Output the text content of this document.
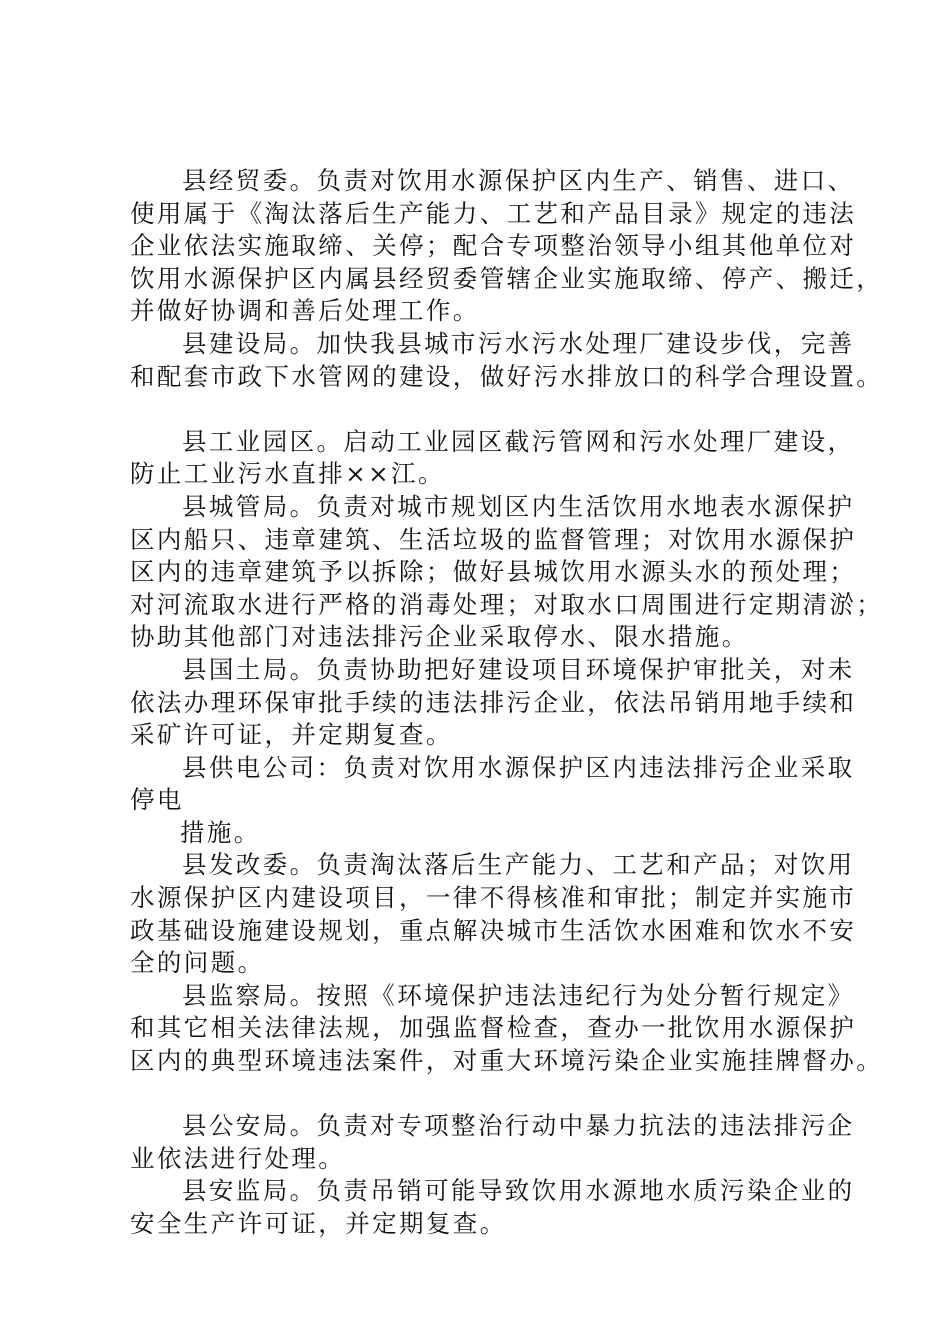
县经贸委。负责对饮用水源保护区内生产、销售、进口、
使用属于《淘汰落后生产能力、工艺和产品目录》规定的违法
企业依法实施取缔、关停；配合专项整治领导小组其他单位对
饮用水源保护区内属县经贸委管辖企业实施取缔、停产、搬迁，
并做好协调和善后处理工作。
县建设局。加快我县城市污水污水处理厂建设步伐，完善
和配套市政下水管网的建设，做好污水排放口的科学合理设置。
县工业园区。启动工业园区截污管网和污水处理厂建设，
防止工业污水直排××江。
县城管局。负责对城市规划区内生活饮用水地表水源保护
区内船只、违章建筑、生活垃圾的监督管理；对饮用水源保护
区内的违章建筑予以拆除；做好县城饮用水源头水的预处理；
对河流取水进行严格的消毒处理；对取水口周围进行定期清淤；
协助其他部门对违法排污企业采取停水、限水措施。
县国土局。负责协助把好建设项目环境保护审批关，对未
依法办理环保审批手续的违法排污企业，依法吊销用地手续和
采矿许可证，并定期复查。
县供电公司：负责对饮用水源保护区内违法排污企业采取
停电
措施。
县发改委。负责淘汰落后生产能力、工艺和产品；对饮用
水源保护区内建设项目，一律不得核准和审批；制定并实施市
政基础设施建设规划，重点解决城市生活饮水困难和饮水不安
全的问题。
县监察局。按照《环境保护违法违纪行为处分暂行规定》
和其它相关法律法规，加强监督检查，查办一批饮用水源保护
区内的典型环境违法案件，对重大环境污染企业实施挂牌督办。
县公安局。负责对专项整治行动中暴力抗法的违法排污企
业依法进行处理。
县安监局。负责吊销可能导致饮用水源地水质污染企业的
安全生产许可证，并定期复查。
